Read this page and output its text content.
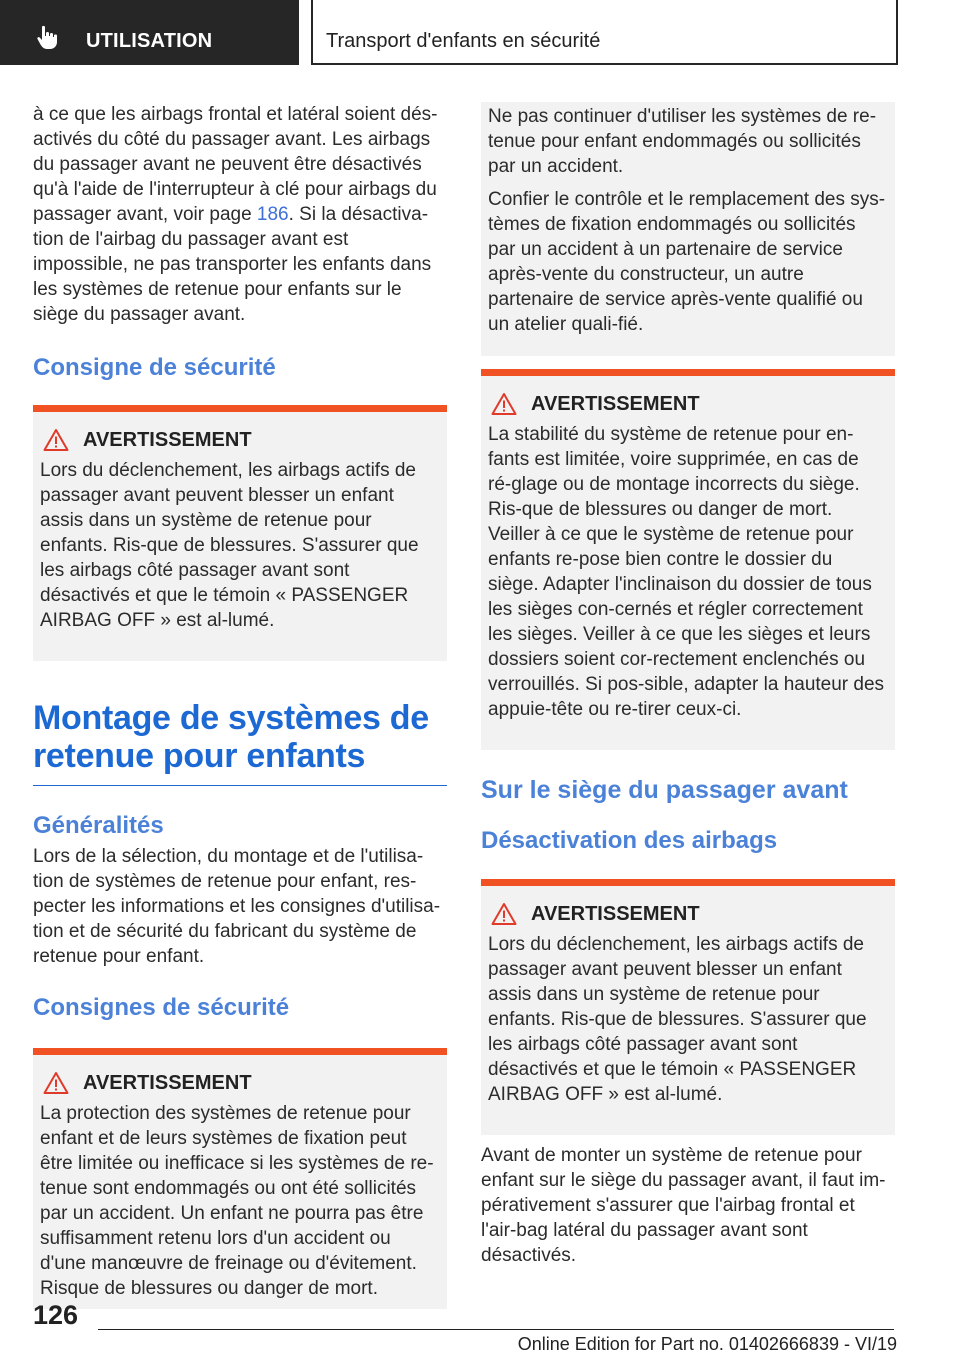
UTILISATION	Transport d'enfants en sécurité

à ce que les airbags frontal et latéral soient dés-activés du côté du passager avant. Les airbags du passager avant ne peuvent être désactivés qu'à l'aide de l'interrupteur à clé pour airbags du passager avant, voir page 186. Si la désactiva-tion de l'airbag du passager avant est impossible, ne pas transporter les enfants dans les systèmes de retenue pour enfants sur le siège du passager avant.

Consigne de sécurité
AVERTISSEMENT

Lors du déclenchement, les airbags actifs de passager avant peuvent blesser un enfant assis dans un système de retenue pour enfants. Ris-que de blessures. S'assurer que les airbags côté passager avant sont désactivés et que le témoin « PASSENGER AIRBAG OFF » est al-lumé.

Montage de systèmes de retenue pour enfants
Généralités

Lors de la sélection, du montage et de l'utilisa-tion de systèmes de retenue pour enfant, res-pecter les informations et les consignes d'utilisa-tion et de sécurité du fabricant du système de retenue pour enfant.

Consignes de sécurité
AVERTISSEMENT

La protection des systèmes de retenue pour enfant et de leurs systèmes de fixation peut être limitée ou inefficace si les systèmes de re-tenue sont endommagés ou ont été sollicités par un accident. Un enfant ne pourra pas être suffisamment retenu lors d'un accident ou d'une manœuvre de freinage ou d'évitement. Risque de blessures ou danger de mort.

Ne pas continuer d'utiliser les systèmes de re-tenue pour enfant endommagés ou sollicités par un accident.

Confier le contrôle et le remplacement des sys-tèmes de fixation endommagés ou sollicités par un accident à un partenaire de service après-vente du constructeur, un autre partenaire de service après-vente qualifié ou un atelier quali-fié.

AVERTISSEMENT

La stabilité du système de retenue pour en-fants est limitée, voire supprimée, en cas de ré-glage ou de montage incorrects du siège. Ris-que de blessures ou danger de mort. Veiller à ce que le système de retenue pour enfants re-pose bien contre le dossier du siège. Adapter l'inclinaison du dossier de tous les sièges con-cernés et régler correctement les sièges. Veiller à ce que les sièges et leurs dossiers soient cor-rectement enclenchés ou verrouillés. Si pos-sible, adapter la hauteur des appuie-tête ou re-tirer ceux-ci.

Sur le siège du passager avant
Désactivation des airbags
AVERTISSEMENT

Lors du déclenchement, les airbags actifs de passager avant peuvent blesser un enfant assis dans un système de retenue pour enfants. Ris-que de blessures. S'assurer que les airbags côté passager avant sont désactivés et que le témoin « PASSENGER AIRBAG OFF » est al-lumé.

Avant de monter un système de retenue pour enfant sur le siège du passager avant, il faut im-pérativement s'assurer que l'airbag frontal et l'air-bag latéral du passager avant sont désactivés.

126
Online Edition for Part no. 01402666839 - VI/19
